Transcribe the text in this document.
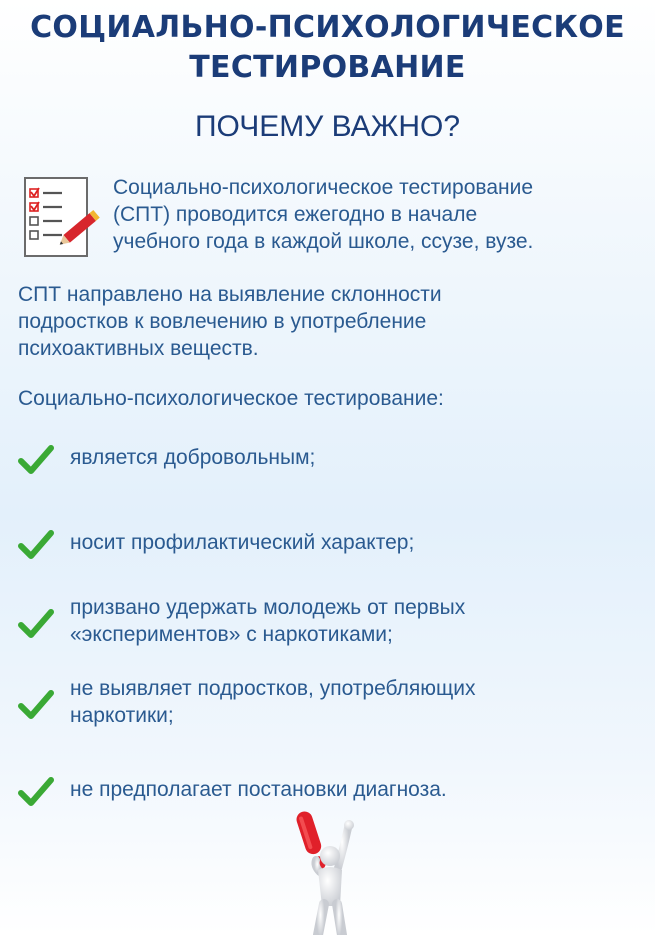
СОЦИАЛЬНО-ПСИХОЛОГИЧЕСКОЕ
ТЕСТИРОВАНИЕ
ПОЧЕМУ ВАЖНО?

Социально-психологическое тестирование
(СПТ) проводится ежегодно в начале
учебного года в каждой школе, ссузе, вузе.

СПТ направлено на выявление склонности
подростков к вовлечению в употребление
психоактивных веществ.

Социально-психологическое тестирование:

является добровольным;

носит профилактический характер;

призвано удержать молодежь от первых
«экспериментов» с наркотиками;

не выявляет подростков, употребляющих
наркотики;

не предполагает постановки диагноза.
